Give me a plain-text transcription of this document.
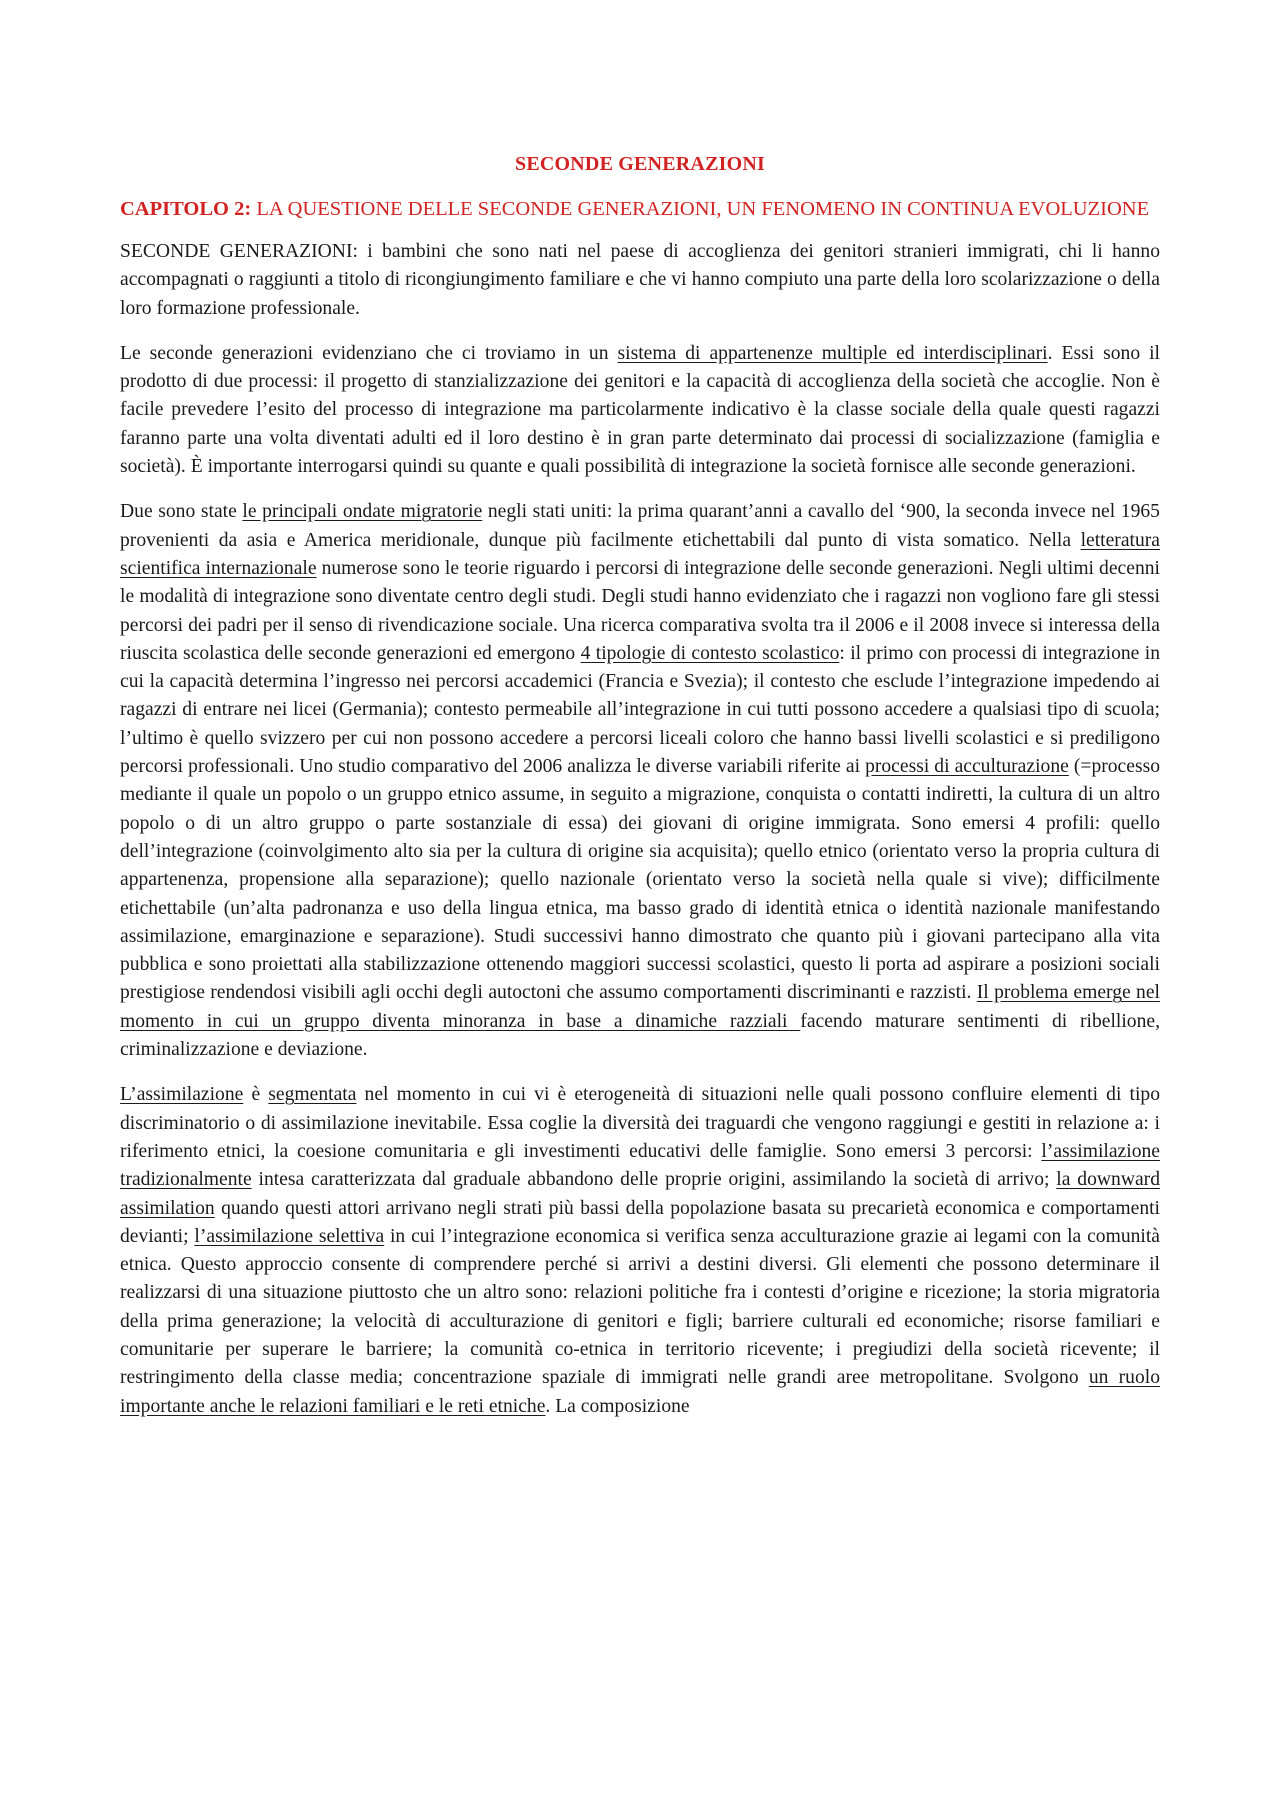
SECONDE GENERAZIONI
CAPITOLO 2: LA QUESTIONE DELLE SECONDE GENERAZIONI, UN FENOMENO IN CONTINUA EVOLUZIONE

SECONDE GENERAZIONI: i bambini che sono nati nel paese di accoglienza dei genitori stranieri immigrati, chi li hanno accompagnati o raggiunti a titolo di ricongiungimento familiare e che vi hanno compiuto una parte della loro scolarizzazione o della loro formazione professionale.

Le seconde generazioni evidenziano che ci troviamo in un sistema di appartenenze multiple ed interdisciplinari. Essi sono il prodotto di due processi: il progetto di stanzializzazione dei genitori e la capacità di accoglienza della società che accoglie. Non è facile prevedere l’esito del processo di integrazione ma particolarmente indicativo è la classe sociale della quale questi ragazzi faranno parte una volta diventati adulti ed il loro destino è in gran parte determinato dai processi di socializzazione (famiglia e società). È importante interrogarsi quindi su quante e quali possibilità di integrazione la società fornisce alle seconde generazioni.

Due sono state le principali ondate migratorie negli stati uniti: la prima quarant’anni a cavallo del ‘900, la seconda invece nel 1965 provenienti da asia e America meridionale, dunque più facilmente etichettabili dal punto di vista somatico. Nella letteratura scientifica internazionale numerose sono le teorie riguardo i percorsi di integrazione delle seconde generazioni. Negli ultimi decenni le modalità di integrazione sono diventate centro degli studi. Degli studi hanno evidenziato che i ragazzi non vogliono fare gli stessi percorsi dei padri per il senso di rivendicazione sociale. Una ricerca comparativa svolta tra il 2006 e il 2008 invece si interessa della riuscita scolastica delle seconde generazioni ed emergono 4 tipologie di contesto scolastico: il primo con processi di integrazione in cui la capacità determina l’ingresso nei percorsi accademici (Francia e Svezia); il contesto che esclude l’integrazione impedendo ai ragazzi di entrare nei licei (Germania); contesto permeabile all’integrazione in cui tutti possono accedere a qualsiasi tipo di scuola; l’ultimo è quello svizzero per cui non possono accedere a percorsi liceali coloro che hanno bassi livelli scolastici e si prediligono percorsi professionali. Uno studio comparativo del 2006 analizza le diverse variabili riferite ai processi di acculturazione (=processo mediante il quale un popolo o un gruppo etnico assume, in seguito a migrazione, conquista o contatti indiretti, la cultura di un altro popolo o di un altro gruppo o parte sostanziale di essa) dei giovani di origine immigrata. Sono emersi 4 profili: quello dell’integrazione (coinvolgimento alto sia per la cultura di origine sia acquisita); quello etnico (orientato verso la propria cultura di appartenenza, propensione alla separazione); quello nazionale (orientato verso la società nella quale si vive); difficilmente etichettabile (un’alta padronanza e uso della lingua etnica, ma basso grado di identità etnica o identità nazionale manifestando assimilazione, emarginazione e separazione). Studi successivi hanno dimostrato che quanto più i giovani partecipano alla vita pubblica e sono proiettati alla stabilizzazione ottenendo maggiori successi scolastici, questo li porta ad aspirare a posizioni sociali prestigiose rendendosi visibili agli occhi degli autoctoni che assumo comportamenti discriminanti e razzisti. Il problema emerge nel momento in cui un gruppo diventa minoranza in base a dinamiche razziali facendo maturare sentimenti di ribellione, criminalizzazione e deviazione.

L’assimilazione è segmentata nel momento in cui vi è eterogeneità di situazioni nelle quali possono confluire elementi di tipo discriminatorio o di assimilazione inevitabile. Essa coglie la diversità dei traguardi che vengono raggiungi e gestiti in relazione a: i riferimento etnici, la coesione comunitaria e gli investimenti educativi delle famiglie. Sono emersi 3 percorsi: l’assimilazione tradizionalmente intesa caratterizzata dal graduale abbandono delle proprie origini, assimilando la società di arrivo; la downward assimilation quando questi attori arrivano negli strati più bassi della popolazione basata su precarietà economica e comportamenti devianti; l’assimilazione selettiva in cui l’integrazione economica si verifica senza acculturazione grazie ai legami con la comunità etnica. Questo approccio consente di comprendere perché si arrivi a destini diversi. Gli elementi che possono determinare il realizzarsi di una situazione piuttosto che un altro sono: relazioni politiche fra i contesti d’origine e ricezione; la storia migratoria della prima generazione; la velocità di acculturazione di genitori e figli; barriere culturali ed economiche; risorse familiari e comunitarie per superare le barriere; la comunità co-etnica in territorio ricevente; i pregiudizi della società ricevente; il restringimento della classe media; concentrazione spaziale di immigrati nelle grandi aree metropolitane. Svolgono un ruolo importante anche le relazioni familiari e le reti etniche. La composizione
